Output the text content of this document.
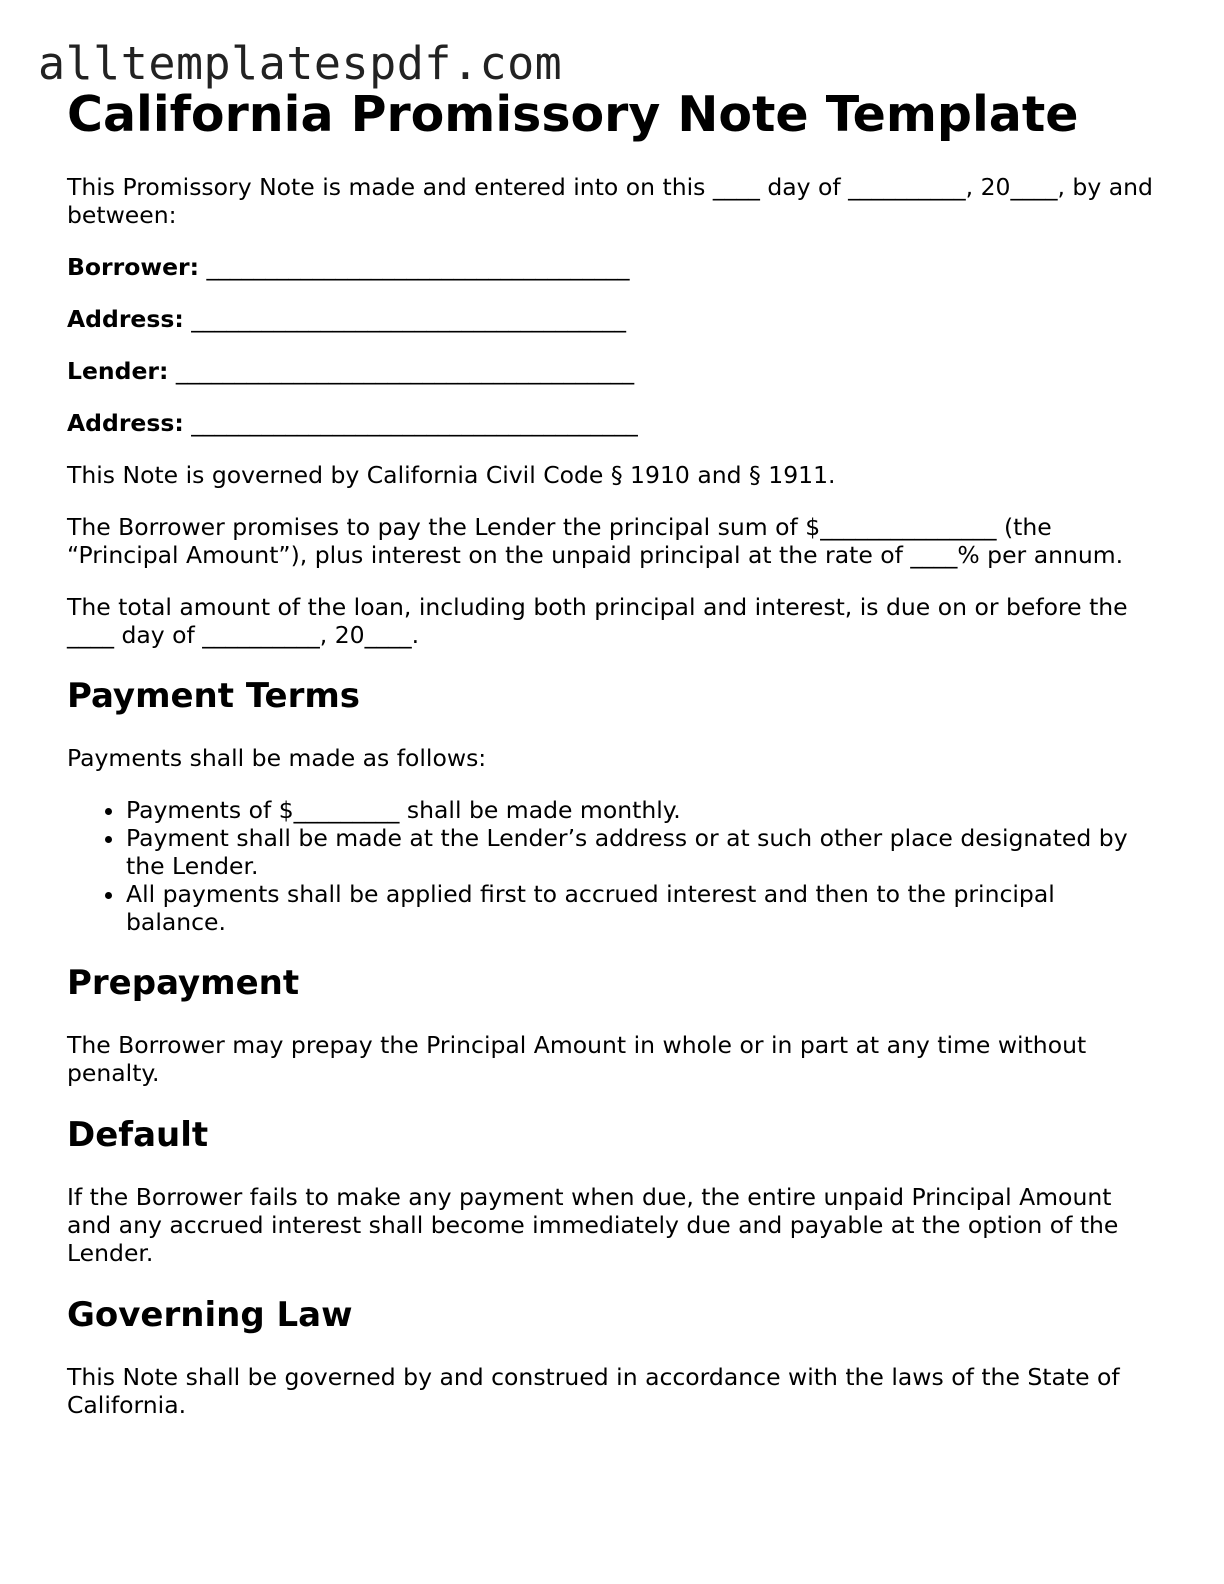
alltemplatespdf.com
California Promissory Note Template

This Promissory Note is made and entered into on this ____ day of __________, 20____, by and between:

Borrower: ____________________________________

Address: _____________________________________

Lender: _______________________________________

Address: ______________________________________

This Note is governed by California Civil Code § 1910 and § 1911.

The Borrower promises to pay the Lender the principal sum of $_______________ (the “Principal Amount”), plus interest on the unpaid principal at the rate of ____% per annum.

The total amount of the loan, including both principal and interest, is due on or before the ____ day of __________, 20____.

Payment Terms

Payments shall be made as follows:

• Payments of $_________ shall be made monthly.
• Payment shall be made at the Lender’s address or at such other place designated by the Lender.
• All payments shall be applied first to accrued interest and then to the principal balance.
Prepayment

The Borrower may prepay the Principal Amount in whole or in part at any time without penalty.

Default

If the Borrower fails to make any payment when due, the entire unpaid Principal Amount and any accrued interest shall become immediately due and payable at the option of the Lender.

Governing Law

This Note shall be governed by and construed in accordance with the laws of the State of California.
